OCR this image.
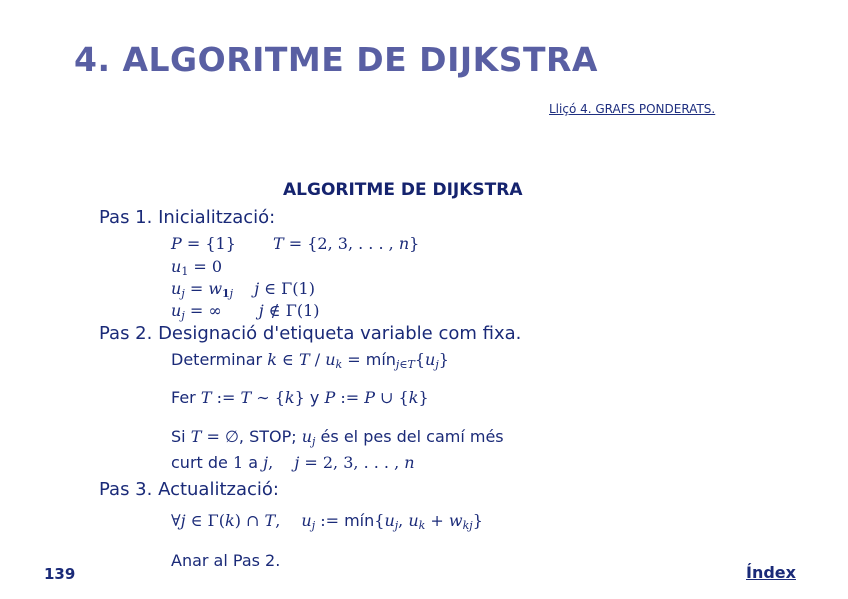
4. ALGORITME DE DIJKSTRA
Lliçó 4. GRAFS PONDERATS.
ALGORITME DE DIJKSTRA
Pas 1. Inicialització:
P = {1} T = {2, 3, . . . , n}
$u_1 = 0$
$u_j = w_{1j}$ j ∈ Γ(1)
$u_j$ = ∞ j ∉ Γ(1)
Pas 2. Designació d'etiqueta variable com fixa.
Determinar k ∈ T / $u_k$ = $mín_{j\in T}\{u_j\}$
Fer T := T ∼ {k} y P := P ∪ {k}
Si T = ∅, STOP; $u_j$ és el pes del camí més
curt de 1 a j, j = 2, 3, . . . , n
Pas 3. Actualització:
∀j ∈ Γ(k) ∩ T, $u_j$ := $mín\{u_j$, $u_k + w_{kj}$}
Anar al Pas 2.
139	Índex
